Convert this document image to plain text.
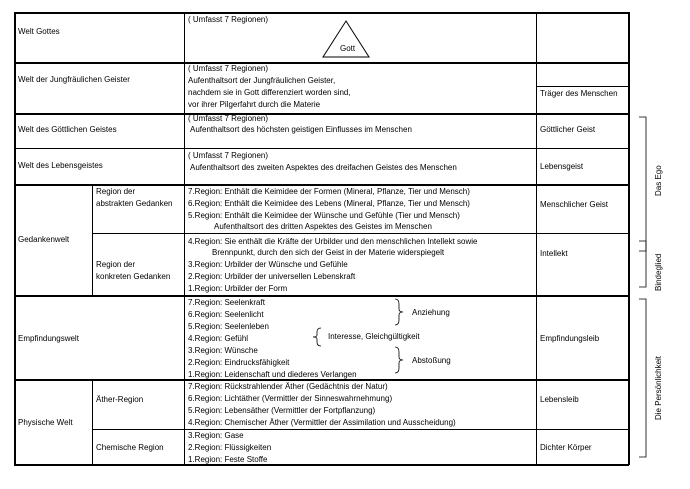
Welt Gottes
( Umfasst 7 Regionen)
Gott
Welt der Jungfräulichen Geister
( Umfasst 7 Regionen)
Aufenthaltsort der Jungfräulichen Geister,
nachdem sie in Gott differenziert worden sind,
vor ihrer Pilgerfahrt durch die Materie
Träger des Menschen
Welt des Göttlichen Geistes
( Umfasst 7 Regionen)
Aufenthaltsort des höchsten geistigen Einflusses im Menschen	Göttlicher Geist
Welt des Lebensgeistes
( Umfasst 7 Regionen)
Aufenthaltsort des zweiten Aspektes des dreifachen Geistes des Menschen	Lebensgeist
Gedankenwelt
Region der
abstrakten Gedanken
7.Region: Enthält die Keimidee der Formen (Mineral, Pflanze, Tier und Mensch)
6.Region: Enthält die Keimidee des Lebens (Mineral, Pflanze, Tier und Mensch)
5.Region: Enthält die Keimidee der Wünsche und Gefühle (Tier und Mensch)
Aufenthaltsort des dritten Aspektes des Geistes im Menschen
Menschlicher Geist
Region der
konkreten Gedanken
4.Region: Sie enthält die Kräfte der Urbilder und den menschlichen Intellekt sowie
Brennpunkt, durch den sich der Geist in der Materie widerspiegelt
3.Region: Urbilder der Wünsche und Gefühle
2.Region: Urbilder der universellen Lebenskraft
1.Region: Urbilder der Form
Intellekt
Empfindungswelt
7.Region: Seelenkraft
6.Region: Seelenlicht
5.Region: Seelenleben
4.Region: Gefühl
3.Region: Wünsche
2.Region: Eindrucksfähigkeit
1.Region: Leidenschaft und diederes Verlangen
Anziehung
Interesse, Gleichgültigkeit
Abstoßung
Empfindungsleib
Physische Welt
Äther-Region
7.Region: Rückstrahlender Äther (Gedächtnis der Natur)
6.Region: Lichtäther (Vermittler der Sinneswahrnehmung)
5.Region: Lebensäther (Vermittler der Fortpflanzung)
4.Region: Chemischer Äther (Vermittler der Assimilation und Ausscheidung)
Lebensleib
Chemische Region
3.Region: Gase
2.Region: Flüssigkeiten
1.Region: Feste Stoffe
Dichter Körper
Das Ego
Bindeglied
Die Persönlichkeit
